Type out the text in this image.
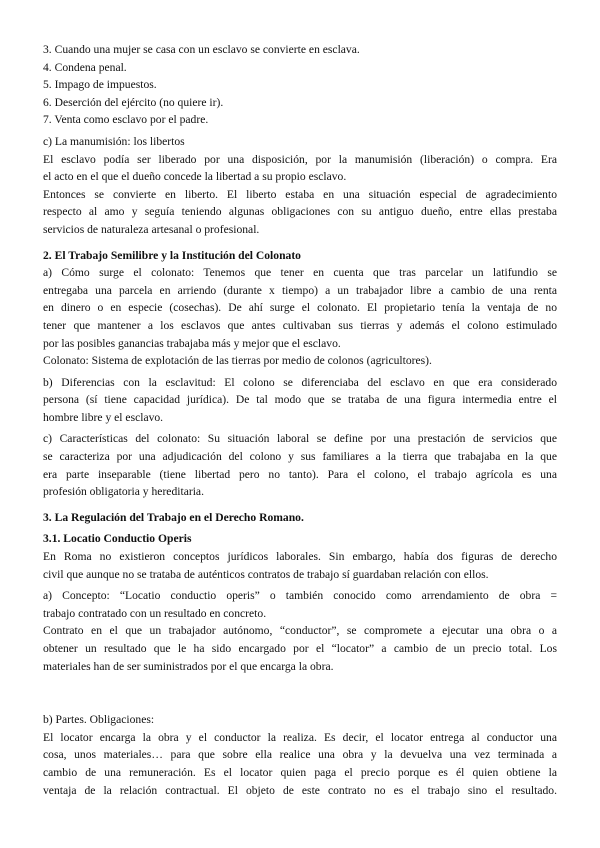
3. Cuando una mujer se casa con un esclavo se convierte en esclava.
4. Condena penal.
5. Impago de impuestos.
6. Deserción del ejército (no quiere ir).
7. Venta como esclavo por el padre.
c) La manumisión: los libertos
El esclavo podía ser liberado por una disposición, por la manumisión (liberación) o compra. Era
el acto en el que el dueño concede la libertad a su propio esclavo.
Entonces se convierte en liberto. El liberto estaba en una situación especial de agradecimiento
respecto al amo y seguía teniendo algunas obligaciones con su antiguo dueño, entre ellas prestaba
servicios de naturaleza artesanal o profesional.
2. El Trabajo Semilibre y la Institución del Colonato
a) Cómo surge el colonato: Tenemos que tener en cuenta que tras parcelar un latifundio se
entregaba una parcela en arriendo (durante x tiempo) a un trabajador libre a cambio de una renta
en dinero o en especie (cosechas). De ahí surge el colonato. El propietario tenía la ventaja de no
tener que mantener a los esclavos que antes cultivaban sus tierras y además el colono estimulado
por las posibles ganancias trabajaba más y mejor que el esclavo.
Colonato: Sistema de explotación de las tierras por medio de colonos (agricultores).
b) Diferencias con la esclavitud: El colono se diferenciaba del esclavo en que era considerado
persona (sí tiene capacidad jurídica). De tal modo que se trataba de una figura intermedia entre el
hombre libre y el esclavo.
c) Características del colonato: Su situación laboral se define por una prestación de servicios que
se caracteriza por una adjudicación del colono y sus familiares a la tierra que trabajaba en la que
era parte inseparable (tiene libertad pero no tanto). Para el colono, el trabajo agrícola es una
profesión obligatoria y hereditaria.
3. La Regulación del Trabajo en el Derecho Romano.
3.1. Locatio Conductio Operis
En Roma no existieron conceptos jurídicos laborales. Sin embargo, había dos figuras de derecho
civil que aunque no se trataba de auténticos contratos de trabajo sí guardaban relación con ellos.
a) Concepto: “Locatio conductio operis” o también conocido como arrendamiento de obra =
trabajo contratado con un resultado en concreto.
Contrato en el que un trabajador autónomo, “conductor”, se compromete a ejecutar una obra o a
obtener un resultado que le ha sido encargado por el “locator” a cambio de un precio total. Los
materiales han de ser suministrados por el que encarga la obra.
b) Partes. Obligaciones:
El locator encarga la obra y el conductor la realiza. Es decir, el locator entrega al conductor una
cosa, unos materiales… para que sobre ella realice una obra y la devuelva una vez terminada a
cambio de una remuneración. Es el locator quien paga el precio porque es él quien obtiene la
ventaja de la relación contractual. El objeto de este contrato no es el trabajo sino el resultado.
